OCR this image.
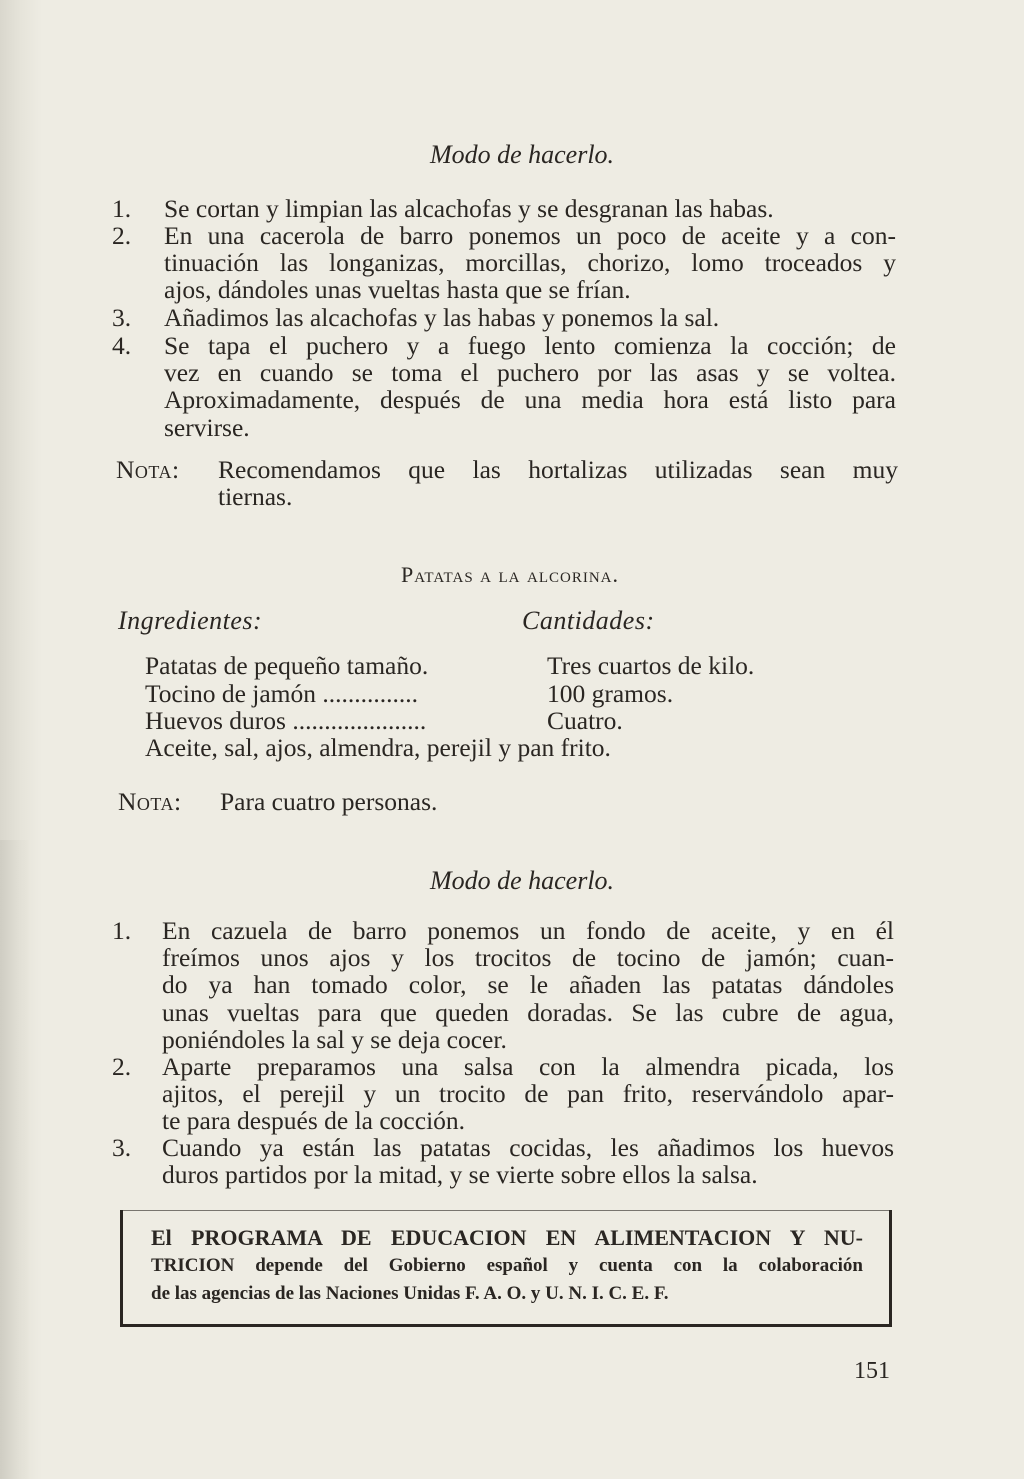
Modo de hacerlo.
1. Se cortan y limpian las alcachofas y se desgranan las habas.
2. En una cacerola de barro ponemos un poco de aceite y a con-
tinuación las longanizas, morcillas, chorizo, lomo troceados y
ajos, dándoles unas vueltas hasta que se frían.
3. Añadimos las alcachofas y las habas y ponemos la sal.
4. Se tapa el puchero y a fuego lento comienza la cocción; de
vez en cuando se toma el puchero por las asas y se voltea.
Aproximadamente, después de una media hora está listo para
servirse.
Nota: Recomendamos que las hortalizas utilizadas sean muy
tiernas.
Patatas a la alcorina.
Ingredientes:	Cantidades:
Patatas de pequeño tamaño.	Tres cuartos de kilo.
Tocino de jamón ...............	100 gramos.
Huevos duros .....................	Cuatro.
Aceite, sal, ajos, almendra, perejil y pan frito.
Nota: Para cuatro personas.
Modo de hacerlo.
1. En cazuela de barro ponemos un fondo de aceite, y en él
freímos unos ajos y los trocitos de tocino de jamón; cuan-
do ya han tomado color, se le añaden las patatas dándoles
unas vueltas para que queden doradas. Se las cubre de agua,
poniéndoles la sal y se deja cocer.
2. Aparte preparamos una salsa con la almendra picada, los
ajitos, el perejil y un trocito de pan frito, reservándolo apar-
te para después de la cocción.
3. Cuando ya están las patatas cocidas, les añadimos los huevos
duros partidos por la mitad, y se vierte sobre ellos la salsa.
El PROGRAMA DE EDUCACION EN ALIMENTACION Y NU-
TRICION depende del Gobierno español y cuenta con la colaboración
de las agencias de las Naciones Unidas F. A. O. y U. N. I. C. E. F.
151
